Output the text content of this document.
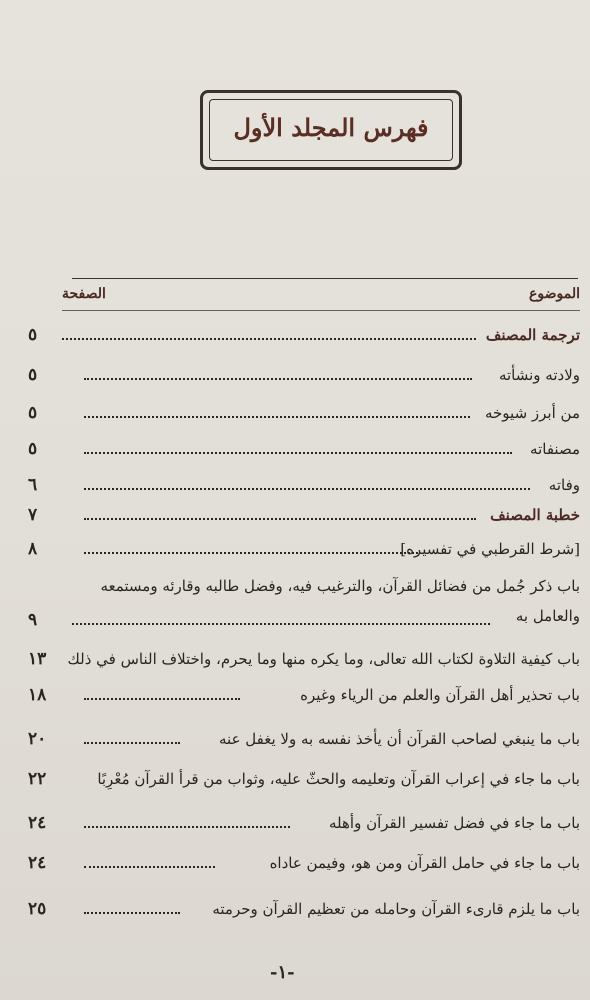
فهرس المجلد الأول
الموضوع
الصفحة
ترجمة المصنف
٥
ولادته ونشأته
٥
من أبرز شيوخه
٥
مصنفاته
٥
وفاته
٦
خطبة المصنف
٧
[شرط القرطبي في تفسيره]
٨
باب ذكر جُمل من فضائل القرآن، والترغيب فيه، وفضل طالبه وقارئه ومستمعه
والعامل به
٩
باب كيفية التلاوة لكتاب الله تعالى، وما يكره منها وما يحرم، واختلاف الناس في ذلك
١٣
باب تحذير أهل القرآن والعلم من الرياء وغيره
١٨
باب ما ينبغي لصاحب القرآن أن يأخذ نفسه به ولا يغفل عنه
٢٠
باب ما جاء في إعراب القرآن وتعليمه والحثّ عليه، وثواب من قرأ القرآن مُعْرِبًا
٢٢
باب ما جاء في فضل تفسير القرآن وأهله
٢٤
باب ما جاء في حامل القرآن ومن هو، وفيمن عاداه
٢٤
باب ما يلزم قارىء القرآن وحامله من تعظيم القرآن وحرمته
٢٥
-١-
